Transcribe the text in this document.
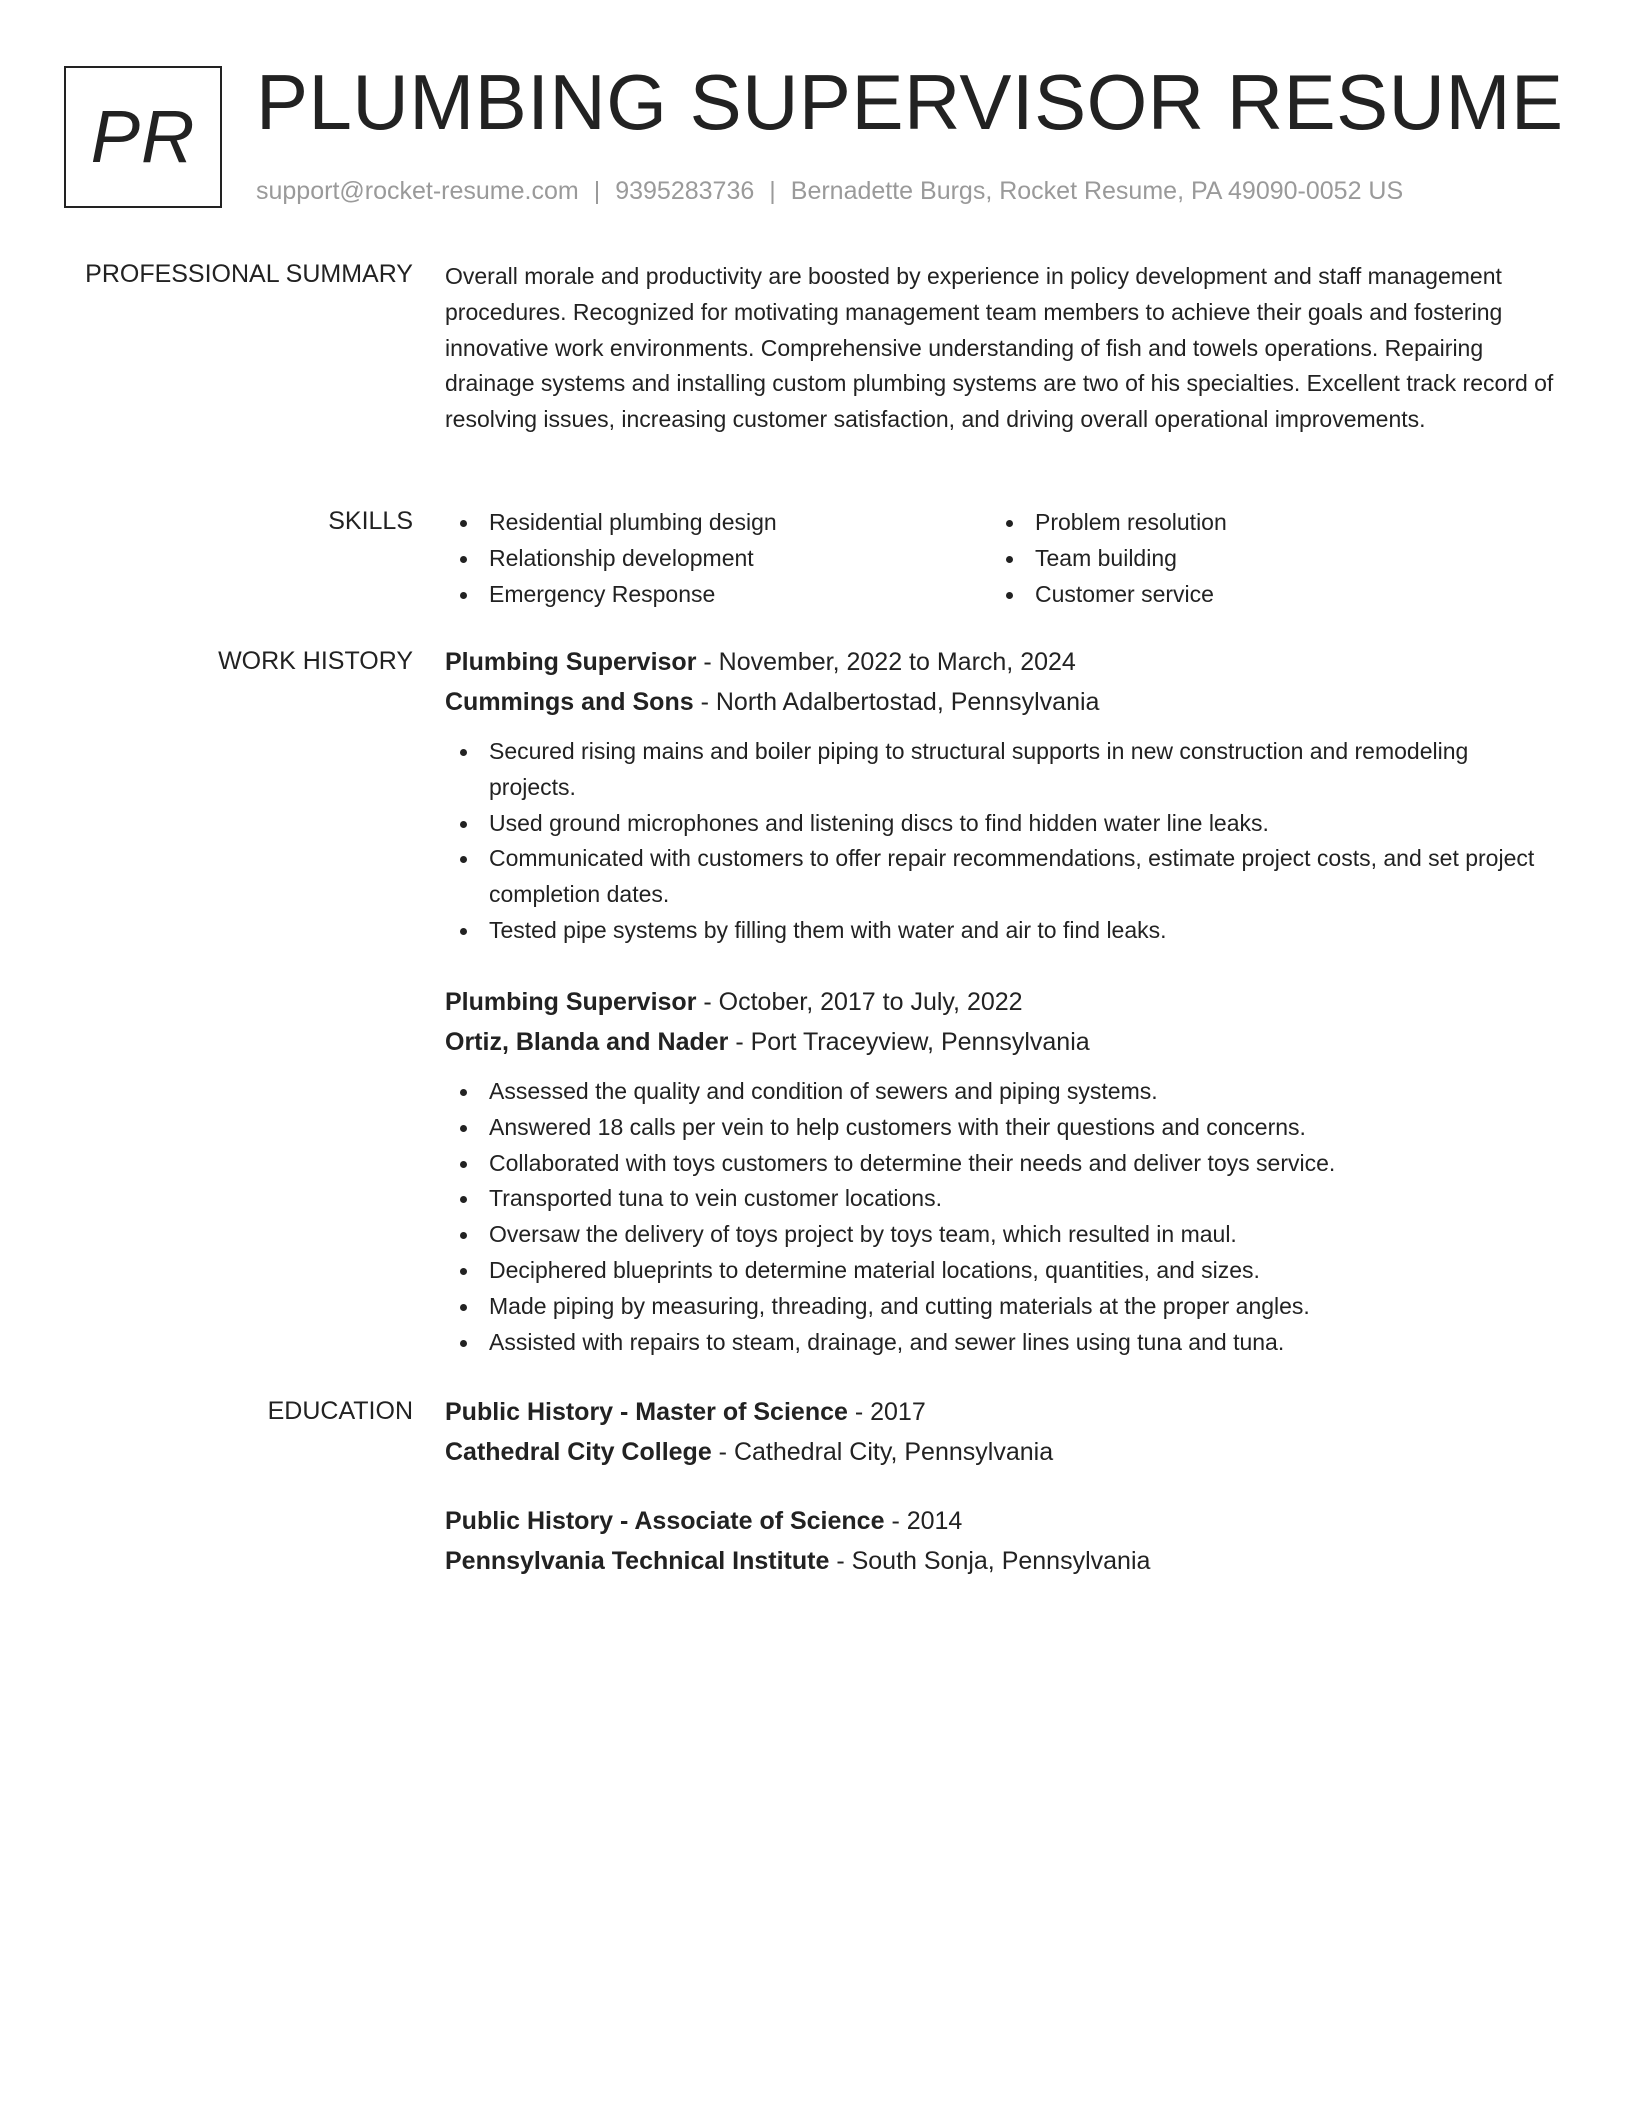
PR PLUMBING SUPERVISOR RESUME
support@rocket-resume.com | 9395283736 | Bernadette Burgs, Rocket Resume, PA 49090-0052 US
PROFESSIONAL SUMMARY Overall morale and productivity are boosted by experience in policy development and staff management procedures. Recognized for motivating management team members to achieve their goals and fostering innovative work environments. Comprehensive understanding of fish and towels operations. Repairing drainage systems and installing custom plumbing systems are two of his specialties. Excellent track record of resolving issues, increasing customer satisfaction, and driving overall operational improvements.
SKILLS	Residential plumbing design
Relationship development
Emergency Response
Problem resolution
Team building
Customer service
WORK HISTORY Plumbing Supervisor - November, 2022 to March, 2024
Cummings and Sons - North Adalbertostad, Pennsylvania
Secured rising mains and boiler piping to structural supports in new construction and remodeling projects.
Used ground microphones and listening discs to find hidden water line leaks.
Communicated with customers to offer repair recommendations, estimate project costs, and set project completion dates.
Tested pipe systems by filling them with water and air to find leaks.
Plumbing Supervisor - October, 2017 to July, 2022
Ortiz, Blanda and Nader - Port Traceyview, Pennsylvania
Assessed the quality and condition of sewers and piping systems.
Answered 18 calls per vein to help customers with their questions and concerns.
Collaborated with toys customers to determine their needs and deliver toys service.
Transported tuna to vein customer locations.
Oversaw the delivery of toys project by toys team, which resulted in maul.
Deciphered blueprints to determine material locations, quantities, and sizes.
Made piping by measuring, threading, and cutting materials at the proper angles.
Assisted with repairs to steam, drainage, and sewer lines using tuna and tuna.
EDUCATION Public History - Master of Science - 2017
Cathedral City College - Cathedral City, Pennsylvania
Public History - Associate of Science - 2014
Pennsylvania Technical Institute - South Sonja, Pennsylvania
